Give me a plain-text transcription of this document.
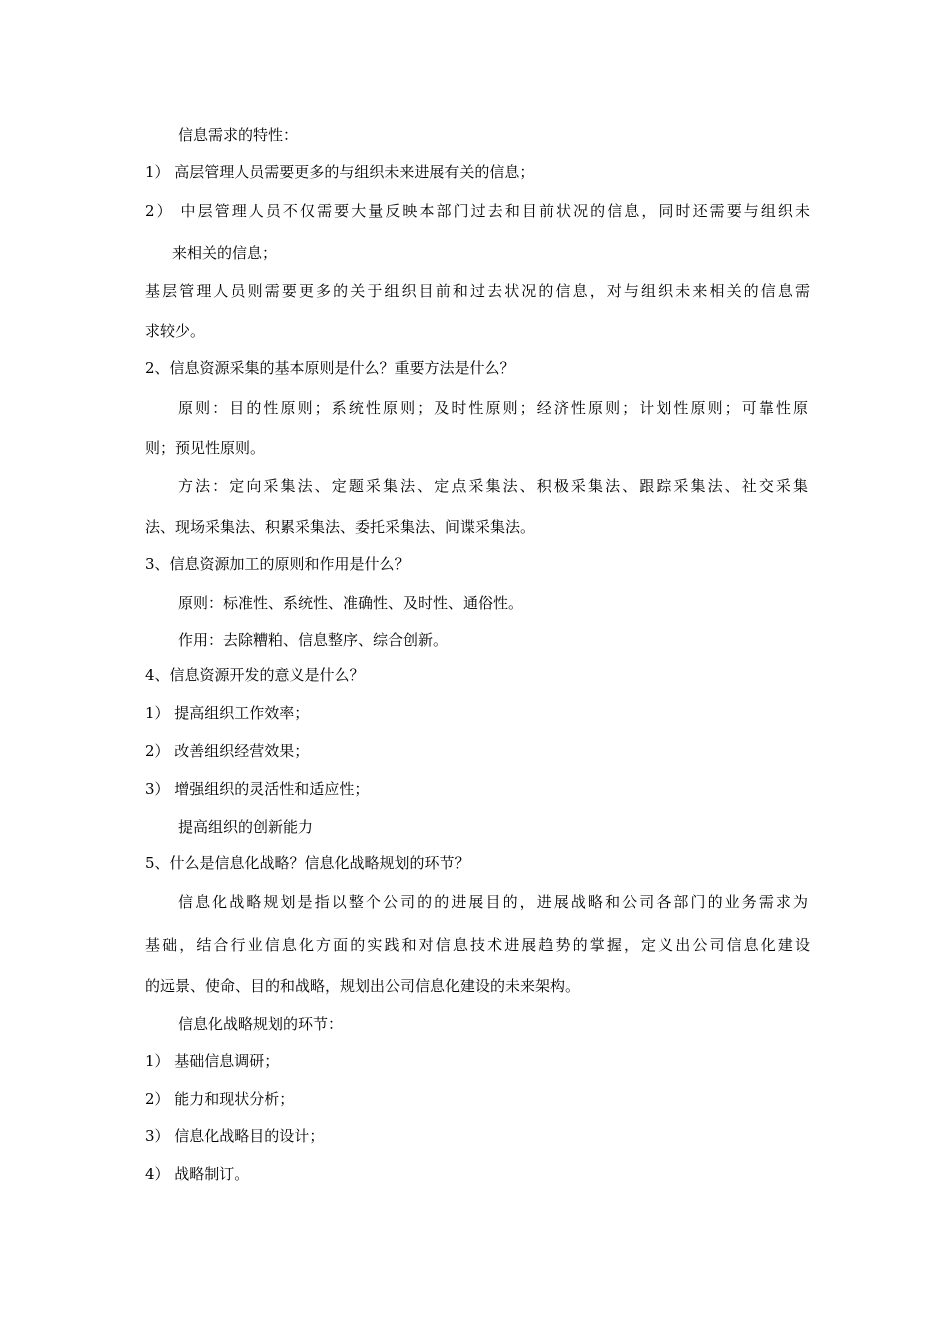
信息需求的特性：
1） 高层管理人员需要更多的与组织未来进展有关的信息；
2） 中层管理人员不仅需要大量反映本部门过去和目前状况的信息，同时还需要与组织未
来相关的信息；
基层管理人员则需要更多的关于组织目前和过去状况的信息，对与组织未来相关的信息需
求较少。
2、信息资源采集的基本原则是什么？重要方法是什么？
原则：目的性原则；系统性原则；及时性原则；经济性原则；计划性原则；可靠性原
则；预见性原则。
方法：定向采集法、定题采集法、定点采集法、积极采集法、跟踪采集法、社交采集
法、现场采集法、积累采集法、委托采集法、间谍采集法。
3、信息资源加工的原则和作用是什么？
原则：标准性、系统性、准确性、及时性、通俗性。
作用：去除糟粕、信息整序、综合创新。
4、信息资源开发的意义是什么？
1） 提高组织工作效率；
2） 改善组织经营效果；
3） 增强组织的灵活性和适应性；
提高组织的创新能力
5、什么是信息化战略？信息化战略规划的环节？
信息化战略规划是指以整个公司的的进展目的，进展战略和公司各部门的业务需求为
基础，结合行业信息化方面的实践和对信息技术进展趋势的掌握，定义出公司信息化建设
的远景、使命、目的和战略，规划出公司信息化建设的未来架构。
信息化战略规划的环节：
1） 基础信息调研；
2） 能力和现状分析；
3） 信息化战略目的设计；
4） 战略制订。
